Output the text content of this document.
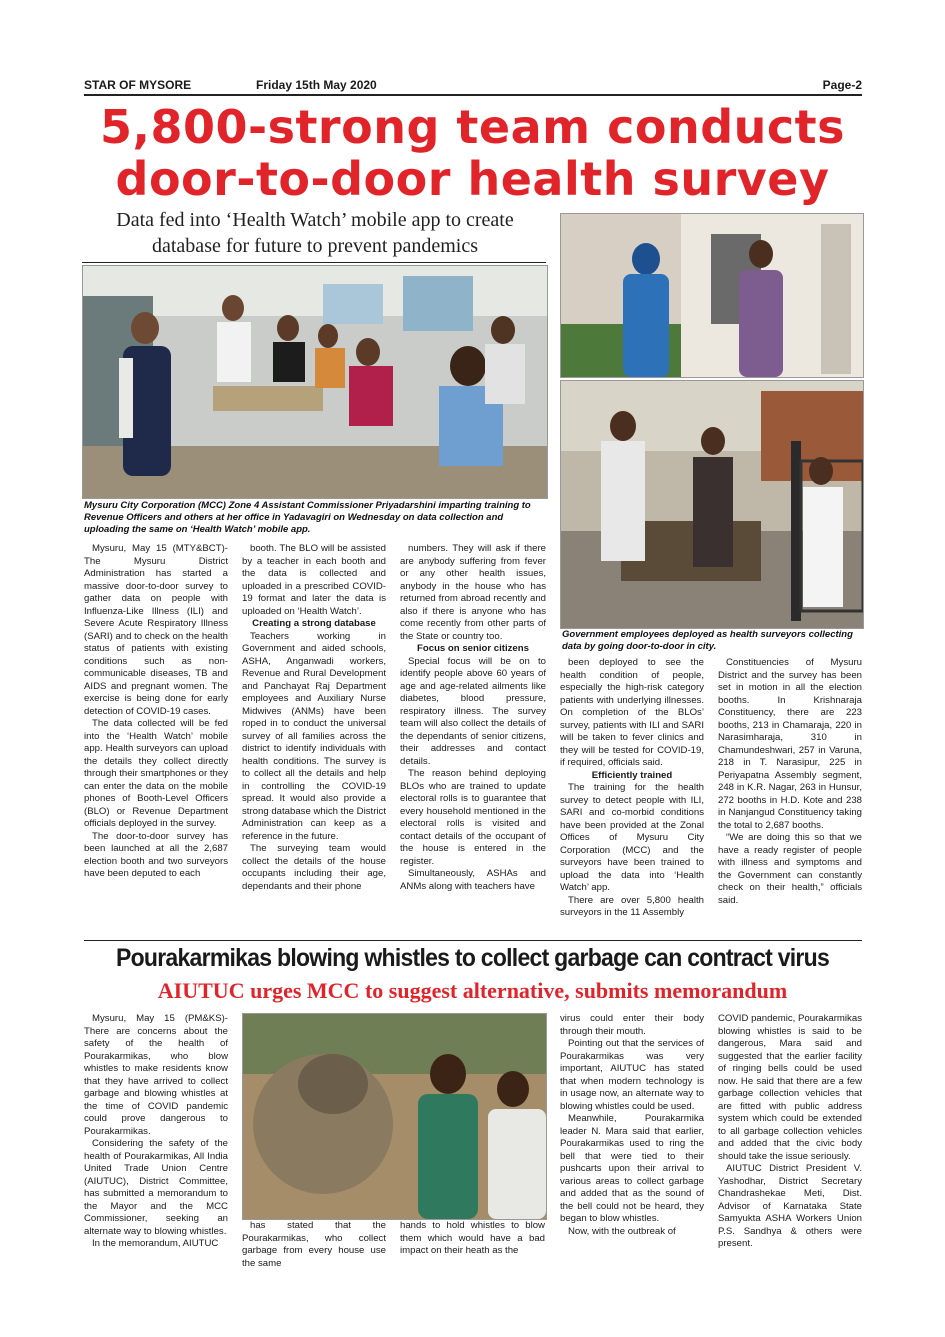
STAR OF MYSORE	Friday 15th May 2020	Page-2
5,800-strong team conducts
door-to-door health survey
Data fed into ‘Health Watch’ mobile app to create
database for future to prevent pandemics
Mysuru City Corporation (MCC) Zone 4 Assistant Commissioner Priyadarshini imparting training to Revenue Officers and others at her office in Yadavagiri on Wednesday on data collection and uploading the same on ‘Health Watch’ mobile app.
Government employees deployed as health surveyors collecting data by going door-to-door in city.

Mysuru, May 15 (MTY&BCT)- The Mysuru District Administration has started a massive door-to-door survey to gather data on people with Influenza-Like Illness (ILI) and Severe Acute Respiratory Illness (SARI) and to check on the health status of patients with existing conditions such as non-communicable diseases, TB and AIDS and pregnant women. The exercise is being done for early detection of COVID-19 cases.

The data collected will be fed into the ‘Health Watch’ mobile app. Health surveyors can upload the details they collect directly through their smartphones or they can enter the data on the mobile phones of Booth-Level Officers (BLO) or Revenue Department officials deployed in the survey.

The door-to-door survey has been launched at all the 2,687 election booth and two surveyors have been deputed to each

booth. The BLO will be assisted by a teacher in each booth and the data is collected and uploaded in a prescribed COVID-19 format and later the data is uploaded on ‘Health Watch’.

Creating a strong database

Teachers working in Government and aided schools, ASHA, Anganwadi workers, Revenue and Rural Development and Panchayat Raj Department employees and Auxiliary Nurse Midwives (ANMs) have been roped in to conduct the universal survey of all families across the district to identify individuals with health conditions. The survey is to collect all the details and help in controlling the COVID-19 spread. It would also provide a strong database which the District Administration can keep as a reference in the future.

The surveying team would collect the details of the house occupants including their age, dependants and their phone

numbers. They will ask if there are anybody suffering from fever or any other health issues, anybody in the house who has returned from abroad recently and also if there is anyone who has come recently from other parts of the State or country too.

Focus on senior citizens

Special focus will be on to identify people above 60 years of age and age-related ailments like diabetes, blood pressure, respiratory illness. The survey team will also collect the details of the dependants of senior citizens, their addresses and contact details.

The reason behind deploying BLOs who are trained to update electoral rolls is to guarantee that every household mentioned in the electoral rolls is visited and contact details of the occupant of the house is entered in the register.

Simultaneously, ASHAs and ANMs along with teachers have

been deployed to see the health condition of people, especially the high-risk category patients with underlying illnesses. On completion of the BLOs’ survey, patients with ILI and SARI will be taken to fever clinics and they will be tested for COVID-19, if required, officials said.

Efficiently trained

The training for the health survey to detect people with ILI, SARI and co-morbid conditions have been provided at the Zonal Offices of Mysuru City Corporation (MCC) and the surveyors have been trained to upload the data into ‘Health Watch’ app.

There are over 5,800 health surveyors in the 11 Assembly

Constituencies of Mysuru District and the survey has been set in motion in all the election booths. In Krishnaraja Constituency, there are 223 booths, 213 in Chamaraja, 220 in Narasimharaja, 310 in Chamundeshwari, 257 in Varuna, 218 in T. Narasipur, 225 in Periyapatna Assembly segment, 248 in K.R. Nagar, 263 in Hunsur, 272 booths in H.D. Kote and 238 in Nanjangud Constituency taking the total to 2,687 booths.

“We are doing this so that we have a ready register of people with illness and symptoms and the Government can constantly check on their health,” officials said.

Pourakarmikas blowing whistles to collect garbage can contract virus
AIUTUC urges MCC to suggest alternative, submits memorandum

Mysuru, May 15 (PM&KS)- There are concerns about the safety of the health of Pourakarmikas, who blow whistles to make residents know that they have arrived to collect garbage and blowing whistles at the time of COVID pandemic could prove dangerous to Pourakarmikas.

Considering the safety of the health of Pourakarmikas, All India United Trade Union Centre (AIUTUC), District Committee, has submitted a memorandum to the Mayor and the MCC Commissioner, seeking an alternate way to blowing whistles.

In the memorandum, AIUTUC

has stated that the Pourakarmikas, who collect garbage from every house use the same

hands to hold whistles to blow them which would have a bad impact on their heath as the

virus could enter their body through their mouth.

Pointing out that the services of Pourakarmikas was very important, AIUTUC has stated that when modern technology is in usage now, an alternate way to blowing whistles could be used.

Meanwhile, Pourakarmika leader N. Mara said that earlier, Pourakarmikas used to ring the bell that were tied to their pushcarts upon their arrival to various areas to collect garbage and added that as the sound of the bell could not be heard, they began to blow whistles.

Now, with the outbreak of

COVID pandemic, Pourakarmikas blowing whistles is said to be dangerous, Mara said and suggested that the earlier facility of ringing bells could be used now. He said that there are a few garbage collection vehicles that are fitted with public address system which could be extended to all garbage collection vehicles and added that the civic body should take the issue seriously.

AIUTUC District President V. Yashodhar, District Secretary Chandrashekae Meti, Dist. Advisor of Karnataka State Samyukta ASHA Workers Union P.S. Sandhya & others were present.
